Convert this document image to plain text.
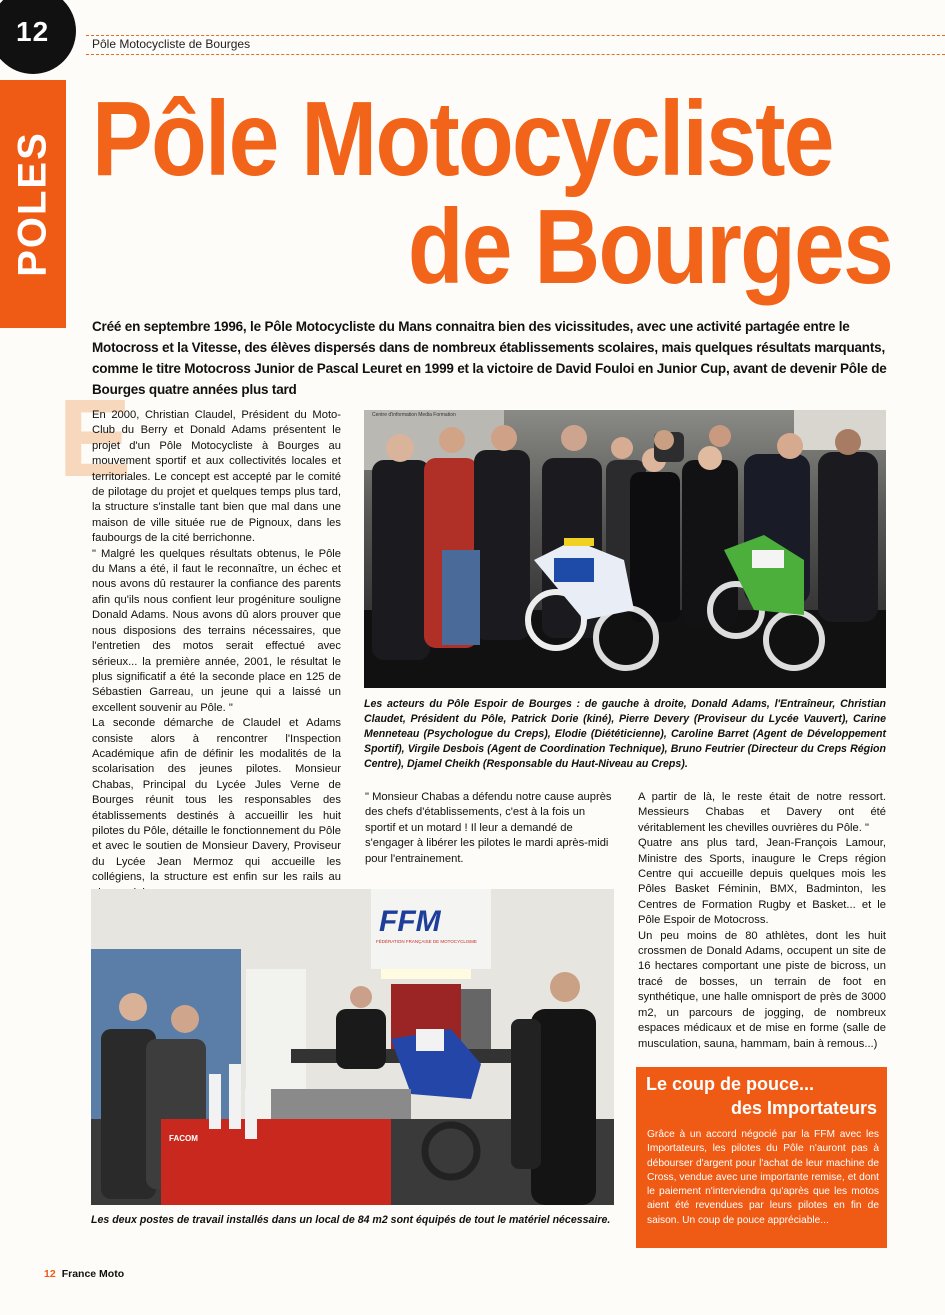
12	Pôle Motocycliste de Bourges
POLES Pôle Motocycliste
de Bourges
Créé en septembre 1996, le Pôle Motocycliste du Mans connaitra bien des vicissitudes, avec une activité partagée entre le Motocross et la Vitesse, des élèves dispersés dans de nombreux établissements scolaires, mais quelques résultats marquants, comme le titre Motocross Junior de Pascal Leuret en 1999 et la victoire de David Fouloi en Junior Cup, avant de devenir Pôle de Bourges quatre années plus tard
E

En 2000, Christian Claudel, Président du Moto-Club du Berry et Donald Adams présentent le projet d'un Pôle Motocycliste à Bourges au mouvement sportif et aux collectivités locales et territoriales. Le concept est accepté par le comité de pilotage du projet et quelques temps plus tard, la structure s'installe tant bien que mal dans une maison de ville située rue de Pignoux, dans les faubourgs de la cité berrichonne.

" Malgré les quelques résultats obtenus, le Pôle du Mans a été, il faut le reconnaître, un échec et nous avons dû restaurer la confiance des parents afin qu'ils nous confient leur progéniture souligne Donald Adams. Nous avons dû alors prouver que nous disposions des terrains nécessaires, que l'entretien des motos serait effectué avec sérieux... la première année, 2001, le résultat le plus significatif a été la seconde place en 125 de Sébastien Garreau, un jeune qui a laissé un excellent souvenir au Pôle. "

La seconde démarche de Claudel et Adams consiste alors à rencontrer l'Inspection Académique afin de définir les modalités de la scolarisation des jeunes pilotes. Monsieur Chabas, Principal du Lycée Jules Verne de Bourges réunit tous les responsables des établissements destinés à accueillir les huit pilotes du Pôle, détaille le fonctionnement du Pôle et avec le soutien de Monsieur Davery, Proviseur du Lycée Jean Mermoz qui accueille les collégiens, la structure est enfin sur les rails au

Centre d'information Media Formation
Les acteurs du Pôle Espoir de Bourges : de gauche à droite, Donald Adams, l'Entraîneur, Christian Claudet, Président du Pôle, Patrick Dorie (kiné), Pierre Devery (Proviseur du Lycée Vauvert), Carine Menneteau (Psychologue du Creps), Elodie (Diététicienne), Caroline Barret (Agent de Développement Sportif), Virgile Desbois (Agent de Coordination Technique), Bruno Feutrier (Directeur du Creps Région Centre), Djamel Cheikh (Responsable du Haut-Niveau au Creps).

" Monsieur Chabas a défendu notre cause auprès des chefs d'établissements, c'est à la fois un sportif et un motard ! Il leur a demandé de s'engager à libérer les pilotes le mardi après-midi pour l'entrainement.

A partir de là, le reste était de notre ressort. Messieurs Chabas et Davery ont été véritablement les chevilles ouvrières du Pôle. "

Quatre ans plus tard, Jean-François Lamour, Ministre des Sports, inaugure le Creps région Centre qui accueille depuis quelques mois les Pôles Basket Féminin, BMX, Badminton, les Centres de Formation Rugby et Basket... et le Pôle Espoir de Motocross.

Un peu moins de 80 athlètes, dont les huit crossmen de Donald Adams, occupent un site de 16 hectares comportant une piste de bicross, un tracé de bosses, un terrain de foot en synthétique, une halle omnisport de près de 3000 m2, un parcours de jogging, de nombreux espaces médicaux et de mise en forme (salle de musculation, sauna, hammam, bain à remous...)

FFM
FÉDÉRATION FRANÇAISE DE MOTOCYCLISME
FACOM
Les deux postes de travail installés dans un local de 84 m2 sont équipés de tout le matériel nécessaire.
Le coup de pouce...
des Importateurs
Grâce à un accord négocié par la FFM avec les Importateurs, les pilotes du Pôle n'auront pas à débourser d'argent pour l'achat de leur machine de Cross, vendue avec une importante remise, et dont le paiement n'interviendra qu'après que les motos aient été revendues par leurs pilotes en fin de saison. Un coup de pouce appréciable...
12 France Moto
